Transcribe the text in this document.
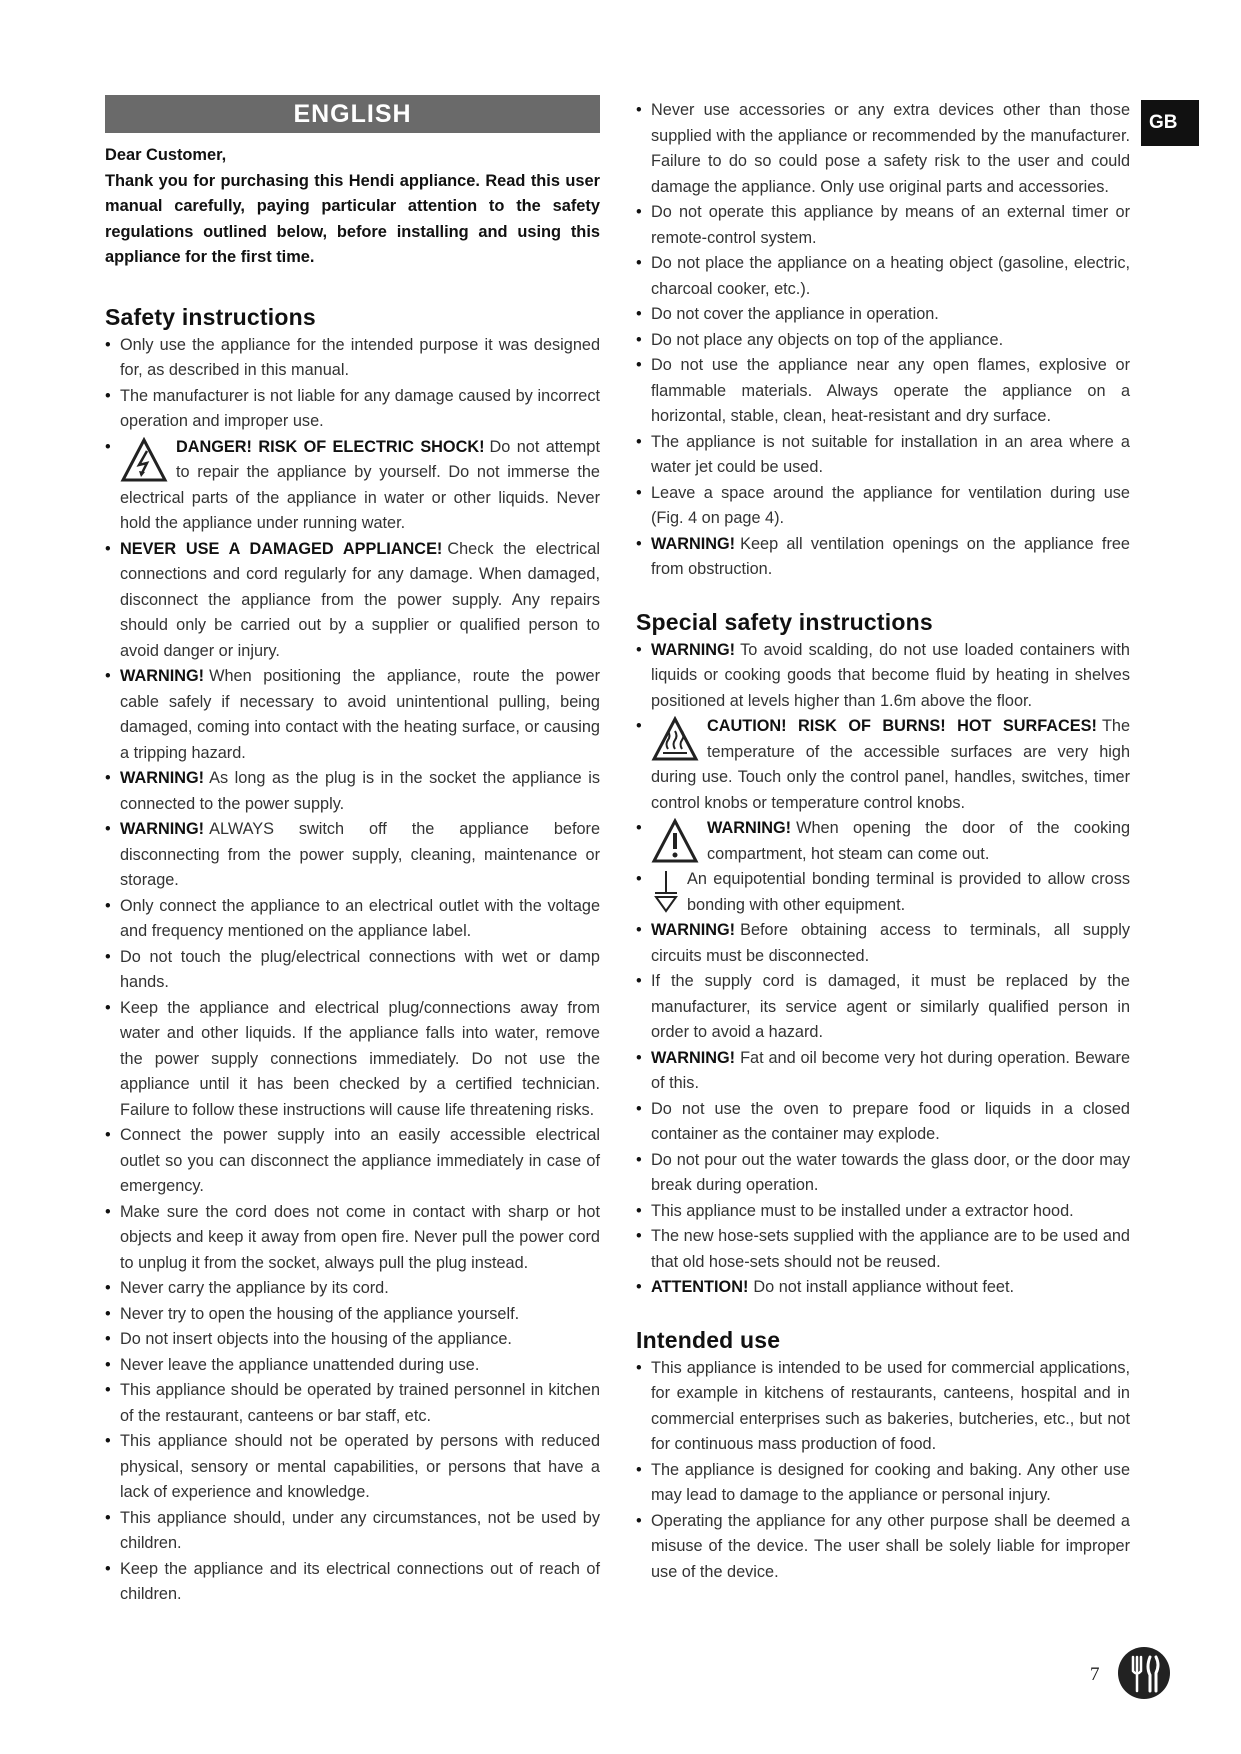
GB
ENGLISH

Dear Customer,

Thank you for purchasing this Hendi appliance. Read this user manual carefully, paying particular attention to the safety regulations outlined below, before installing and using this appliance for the first time.

Safety instructions
• Only use the appliance for the intended purpose it was designed for, as described in this manual.
• The manufacturer is not liable for any damage caused by incorrect operation and improper use.
• DANGER! RISK OF ELECTRIC SHOCK! Do not attempt to repair the appliance by yourself. Do not immerse the electrical parts of the appliance in water or other liquids. Never hold the appliance under running water.
• NEVER USE A DAMAGED APPLIANCE! Check the electrical connections and cord regularly for any damage. When damaged, disconnect the appliance from the power supply. Any repairs should only be carried out by a supplier or qualified person to avoid danger or injury.
• WARNING! When positioning the appliance, route the power cable safely if necessary to avoid unintentional pulling, being damaged, coming into contact with the heating surface, or causing a tripping hazard.
• WARNING! As long as the plug is in the socket the appliance is connected to the power supply.
• WARNING! ALWAYS switch off the appliance before disconnecting from the power supply, cleaning, maintenance or storage.
• Only connect the appliance to an electrical outlet with the voltage and frequency mentioned on the appliance label.
• Do not touch the plug/electrical connections with wet or damp hands.
• Keep the appliance and electrical plug/connections away from water and other liquids. If the appliance falls into water, remove the power supply connections immediately. Do not use the appliance until it has been checked by a certified technician. Failure to follow these instructions will cause life threatening risks.
• Connect the power supply into an easily accessible electrical outlet so you can disconnect the appliance immediately in case of emergency.
• Make sure the cord does not come in contact with sharp or hot objects and keep it away from open fire. Never pull the power cord to unplug it from the socket, always pull the plug instead.
• Never carry the appliance by its cord.
• Never try to open the housing of the appliance yourself.
• Do not insert objects into the housing of the appliance.
• Never leave the appliance unattended during use.
• This appliance should be operated by trained personnel in kitchen of the restaurant, canteens or bar staff, etc.
• This appliance should not be operated by persons with reduced physical, sensory or mental capabilities, or persons that have a lack of experience and knowledge.
• This appliance should, under any circumstances, not be used by children.
• Keep the appliance and its electrical connections out of reach of children.
• Never use accessories or any extra devices other than those supplied with the appliance or recommended by the manufacturer. Failure to do so could pose a safety risk to the user and could damage the appliance. Only use original parts and accessories.
• Do not operate this appliance by means of an external timer or remote-control system.
• Do not place the appliance on a heating object (gasoline, electric, charcoal cooker, etc.).
• Do not cover the appliance in operation.
• Do not place any objects on top of the appliance.
• Do not use the appliance near any open flames, explosive or flammable materials. Always operate the appliance on a horizontal, stable, clean, heat-resistant and dry surface.
• The appliance is not suitable for installation in an area where a water jet could be used.
• Leave a space around the appliance for ventilation during use (Fig. 4 on page 4).
• WARNING! Keep all ventilation openings on the appliance free from obstruction.
Special safety instructions
• WARNING! To avoid scalding, do not use loaded containers with liquids or cooking goods that become fluid by heating in shelves positioned at levels higher than 1.6m above the floor.
• CAUTION! RISK OF BURNS! HOT SURFACES! The temperature of the accessible surfaces are very high during use. Touch only the control panel, handles, switches, timer control knobs or temperature control knobs.
• WARNING! When opening the door of the cooking compartment, hot steam can come out.
• An equipotential bonding terminal is provided to allow cross bonding with other equipment.
• WARNING! Before obtaining access to terminals, all supply circuits must be disconnected.
• If the supply cord is damaged, it must be replaced by the manufacturer, its service agent or similarly qualified person in order to avoid a hazard.
• WARNING! Fat and oil become very hot during operation. Beware of this.
• Do not use the oven to prepare food or liquids in a closed container as the container may explode.
• Do not pour out the water towards the glass door, or the door may break during operation.
• This appliance must to be installed under a extractor hood.
• The new hose-sets supplied with the appliance are to be used and that old hose-sets should not be reused.
• ATTENTION! Do not install appliance without feet.
Intended use
• This appliance is intended to be used for commercial applications, for example in kitchens of restaurants, canteens, hospital and in commercial enterprises such as bakeries, butcheries, etc., but not for continuous mass production of food.
• The appliance is designed for cooking and baking. Any other use may lead to damage to the appliance or personal injury.
• Operating the appliance for any other purpose shall be deemed a misuse of the device. The user shall be solely liable for improper use of the device.
7
